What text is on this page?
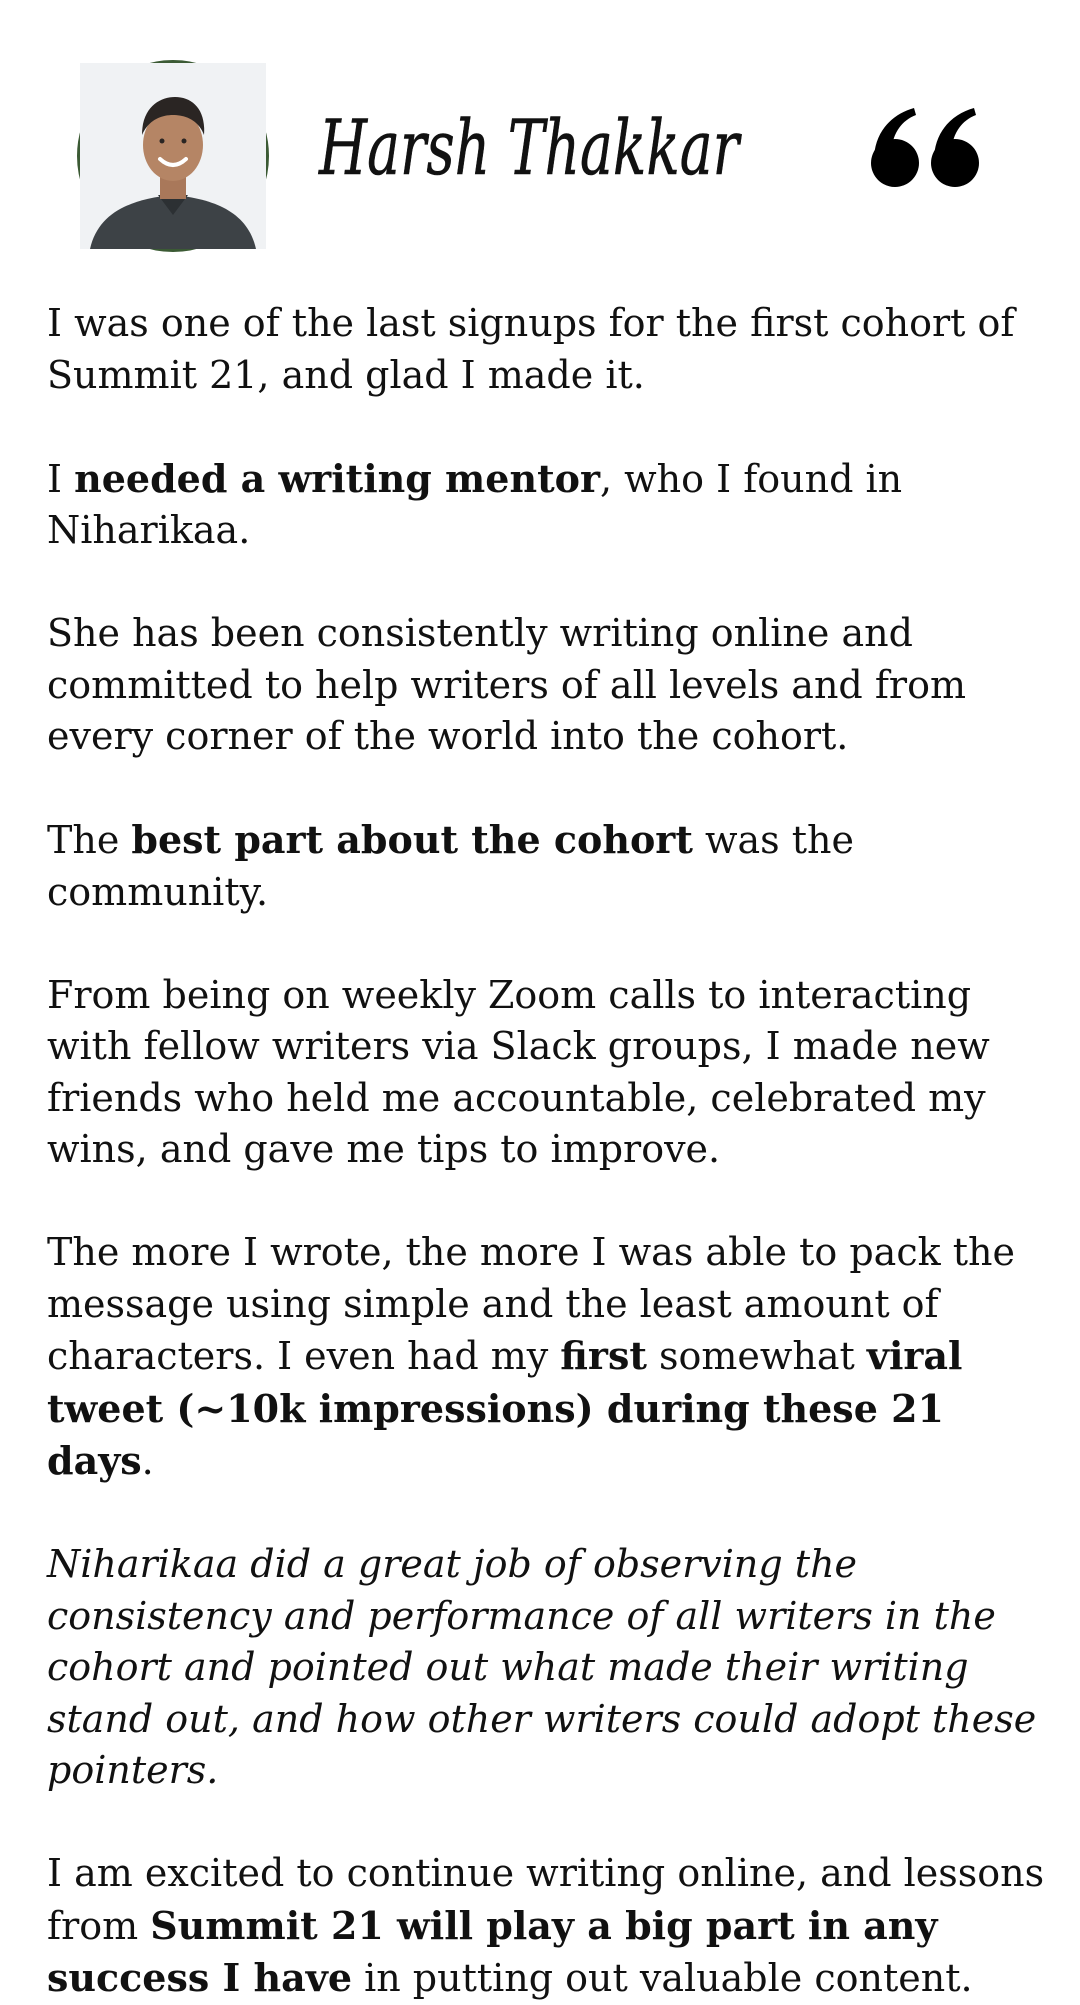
Harsh Thakkar

I was one of the last signups for the first cohort of Summit 21, and glad I made it.

I needed a writing mentor, who I found in Niharikaa.

She has been consistently writing online and committed to help writers of all levels and from every corner of the world into the cohort.

The best part about the cohort was the community.

From being on weekly Zoom calls to interacting with fellow writers via Slack groups, I made new friends who held me accountable, celebrated my wins, and gave me tips to improve.

The more I wrote, the more I was able to pack the message using simple and the least amount of characters. I even had my first somewhat viral tweet (~10k impressions) during these 21 days.

Niharikaa did a great job of observing the consistency and performance of all writers in the cohort and pointed out what made their writing stand out, and how other writers could adopt these pointers.

I am excited to continue writing online, and lessons from Summit 21 will play a big part in any success I have in putting out valuable content.
